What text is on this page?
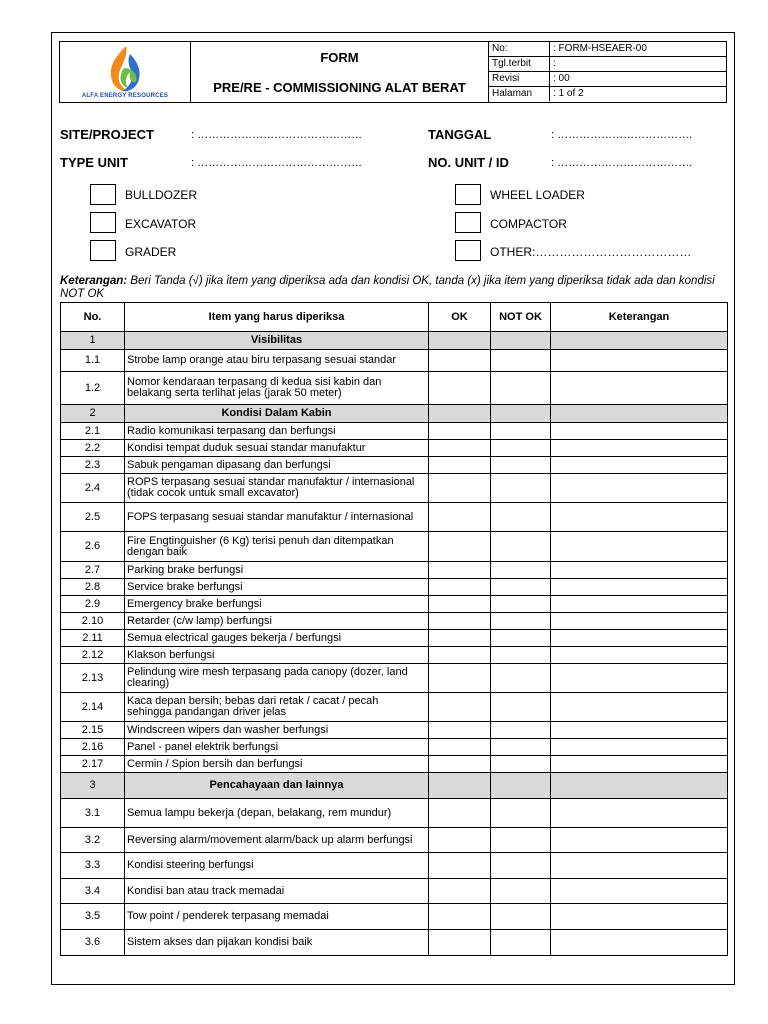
ALFA ENERGY RESOURCES
FORM
PRE/RE - COMMISSIONING ALAT BERAT
No:	: FORM-HSEAER-00
Tgl.terbit	:
Revisi	: 00
Halaman	: 1 of 2
SITE/PROJECT	: ………………………………………
TYPE UNIT	: ………………………………………
TANGGAL	: ……………………………….
NO. UNIT / ID	: ……………………………….
BULLDOZER
EXCAVATOR
GRADER
WHEEL LOADER
COMPACTOR
OTHER:…………………………………
Keterangan: Beri Tanda (√) jika item yang diperiksa ada dan kondisi OK, tanda (x) jika item yang diperiksa tidak ada dan kondisi NOT OK
No.	Item yang harus diperiksa	OK	NOT OK	Keterangan
1	Visibilitas			
1.1	Strobe lamp orange atau biru terpasang sesuai standar			
1.2	Nomor kendaraan terpasang di kedua sisi kabin dan belakang serta terlihat jelas (jarak 50 meter)			
2	Kondisi Dalam Kabin			
2.1	Radio komunikasi terpasang dan berfungsi			
2.2	Kondisi tempat duduk sesuai standar manufaktur			
2.3	Sabuk pengaman dipasang dan berfungsi			
2.4	ROPS terpasang sesuai standar manufaktur / internasional (tidak cocok untuk small excavator)			
2.5	FOPS terpasang sesuai standar manufaktur / internasional			
2.6	Fire Engtinguisher (6 Kg) terisi penuh dan ditempatkan dengan baik			
2.7	Parking brake berfungsi			
2.8	Service brake berfungsi			
2.9	Emergency brake berfungsi			
2.10	Retarder (c/w lamp) berfungsi			
2.11	Semua electrical gauges bekerja / berfungsi			
2.12	Klakson berfungsi			
2.13	Pelindung wire mesh terpasang pada canopy (dozer, land clearing)			
2.14	Kaca depan bersih; bebas dari retak / cacat / pecah sehingga pandangan driver jelas			
2.15	Windscreen wipers dan washer berfungsi			
2.16	Panel - panel elektrik berfungsi			
2.17	Cermin / Spion bersih dan berfungsi			
3	Pencahayaan dan lainnya			
3.1	Semua lampu bekerja (depan, belakang, rem mundur)			
3.2	Reversing alarm/movement alarm/back up alarm berfungsi			
3.3	Kondisi steering berfungsi			
3.4	Kondisi ban atau track memadai			
3.5	Tow point / penderek terpasang memadai			
3.6	Sistem akses dan pijakan kondisi baik			
